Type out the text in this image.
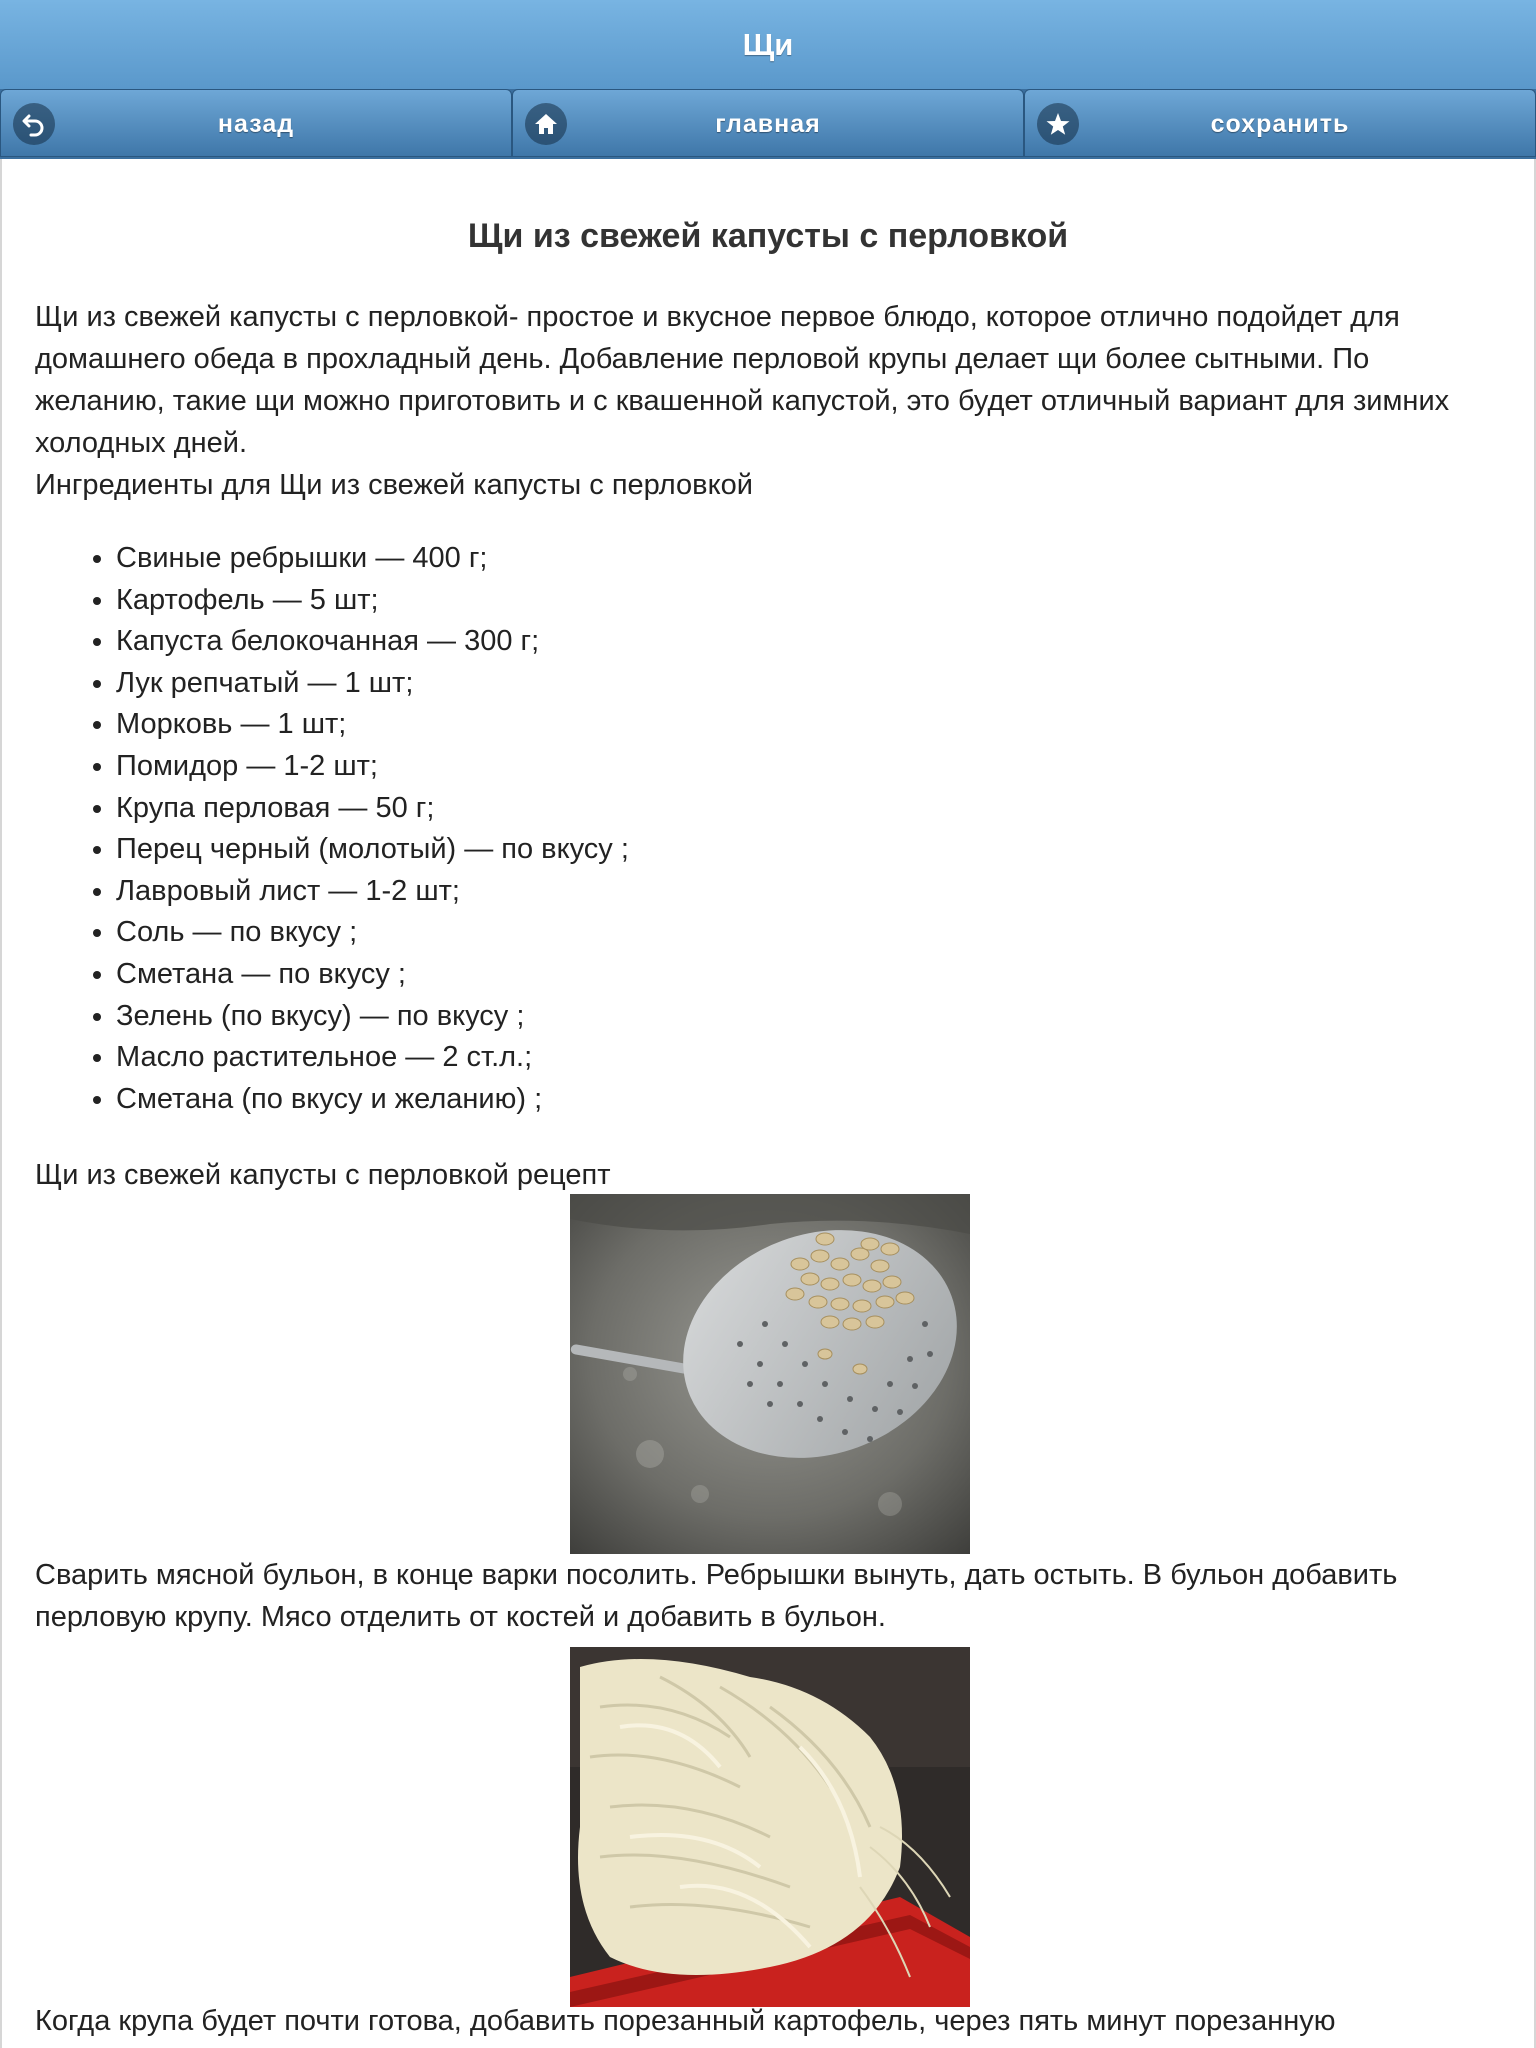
Щи
назад	главная	сохранить
Щи из свежей капусты с перловкой

Щи из свежей капусты с перловкой- простое и вкусное первое блюдо, которое отлично подойдет для домашнего обеда в прохладный день. Добавление перловой крупы делает щи более сытными. По желанию, такие щи можно приготовить и с квашенной капустой, это будет отличный вариант для зимних холодных дней.

Ингредиенты для Щи из свежей капусты с перловкой

• Свиные ребрышки — 400 г;
• Картофель — 5 шт;
• Капуста белокочанная — 300 г;
• Лук репчатый — 1 шт;
• Морковь — 1 шт;
• Помидор — 1-2 шт;
• Крупа перловая — 50 г;
• Перец черный (молотый) — по вкусу ;
• Лавровый лист — 1-2 шт;
• Соль — по вкусу ;
• Сметана — по вкусу ;
• Зелень (по вкусу) — по вкусу ;
• Масло растительное — 2 ст.л.;
• Сметана (по вкусу и желанию) ;

Щи из свежей капусты с перловкой рецепт

Сварить мясной бульон, в конце варки посолить. Ребрышки вынуть, дать остыть. В бульон добавить перловую крупу. Мясо отделить от костей и добавить в бульон.

Когда крупа будет почти готова, добавить порезанный картофель, через пять минут порезанную
